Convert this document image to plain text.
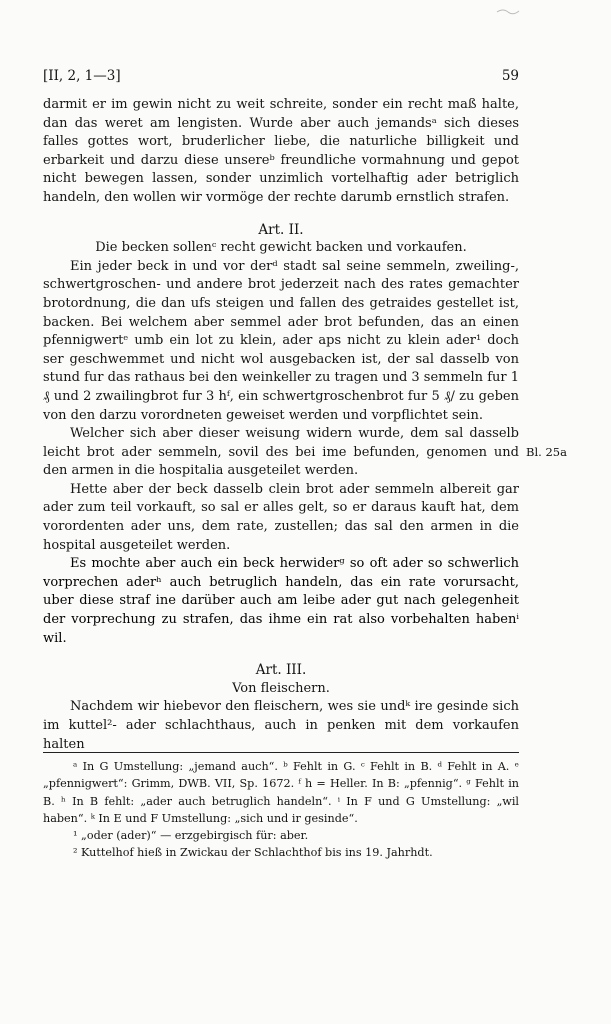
[II, 2, 1—3]	59

darmit er im gewin nicht zu weit schreite, sonder ein recht maß halte, dan das weret am lengisten. Wurde aber auch jemandsᵃ sich dieses falles gottes wort, bruderlicher liebe, die naturliche billigkeit und erbarkeit und darzu diese unsereᵇ freundliche vormahnung und gepot nicht bewegen lassen, sonder unzimlich vortelhaftig ader betriglich handeln, den wollen wir vormöge der rechte darumb ernstlich strafen.

Art. II.

Die becken sollenᶜ recht gewicht backen und vorkaufen.

Ein jeder beck in und vor derᵈ stadt sal seine semmeln, zweiling-, schwertgroschen- und andere brot jederzeit nach des rates gemachter brotordnung, die dan ufs steigen und fallen des getraides gestellet ist, backen. Bei welchem aber semmel ader brot befunden, das an einen pfennigwertᵉ umb ein lot zu klein, ader aps nicht zu klein ader¹ doch ser geschwemmet und nicht wol ausgebacken ist, der sal dasselb von stund fur das rathaus bei den weinkeller zu tragen und 3 semmeln fur 1 ₰ und 2 zwailingbrot fur 3 hᶠ, ein schwertgroschenbrot fur 5 ₰/ zu geben von den darzu vorordneten geweiset werden und vorpflichtet sein.

Welcher sich aber dieser weisung widern wurde, dem sal dasselb leicht brot ader semmeln, sovil des bei ime befunden, genomen und den armen in die hospitalia ausgeteilet werden.

Hette aber der beck dasselb clein brot ader semmeln albereit gar ader zum teil vorkauft, so sal er alles gelt, so er daraus kauft hat, dem vorordenten ader uns, dem rate, zustellen; das sal den armen in die hospital ausgeteilet werden.

Es mochte aber auch ein beck herwiderᵍ so oft ader so schwerlich vorprechen aderʰ auch betruglich handeln, das ein rate vorursacht, uber diese straf ine darüber auch am leibe ader gut nach gelegenheit der vorprechung zu strafen, das ihme ein rat also vorbehalten habenⁱ wil.

Art. III.

Von fleischern.

Nachdem wir hiebevor den fleischern, wes sie undᵏ ire gesinde sich im kuttel²- ader schlachthaus, auch in penken mit dem vorkaufen halten

Bl. 25a

ᵃ In G Umstellung: „jemand auch“. ᵇ Fehlt in G. ᶜ Fehlt in B. ᵈ Fehlt in A. ᵉ „pfennigwert“: Grimm, DWB. VII, Sp. 1672. ᶠ h = Heller. In B: „pfennig“. ᵍ Fehlt in B. ʰ In B fehlt: „ader auch betruglich handeln“. ⁱ In F und G Umstellung: „wil haben“. ᵏ In E und F Umstellung: „sich und ir gesinde“.

¹ „oder (ader)“ — erzgebirgisch für: aber.

² Kuttelhof hieß in Zwickau der Schlachthof bis ins 19. Jahrhdt.
